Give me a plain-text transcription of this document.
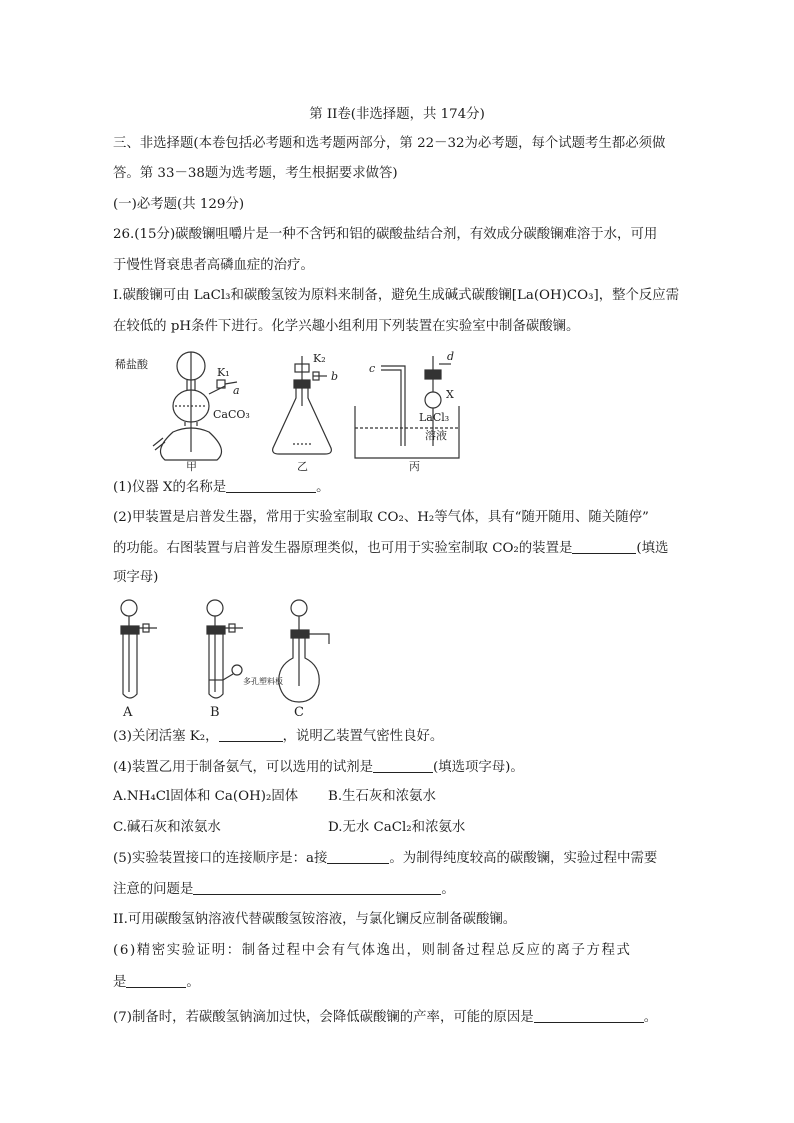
第 II卷(非选择题，共 174分)
三、非选择题(本卷包括必考题和选考题两部分，第 22－32为必考题，每个试题考生都必须做
答。第 33－38题为选考题，考生根据要求做答)
(一)必考题(共 129分)
26.(15分)碳酸镧咀嚼片是一种不含钙和铝的碳酸盐结合剂，有效成分碳酸镧难溶于水，可用
于慢性肾衰患者高磷血症的治疗。
I.碳酸镧可由 LaCl₃和碳酸氢铵为原料来制备，避免生成碱式碳酸镧[La(OH)CO₃]，整个反应需
在较低的 pH条件下进行。化学兴趣小组利用下列装置在实验室中制备碳酸镧。
稀盐酸
K₁
a
CaCO₃
甲
K₂
b
乙
c
d
X
LaCl₃
溶液
丙
(1)仪器 X的名称是	。
(2)甲装置是启普发生器，常用于实验室制取 CO₂、H₂等气体，具有“随开随用、随关随停”
的功能。右图装置与启普发生器原理类似，也可用于实验室制取 CO₂的装置是	(填选
项字母)
多孔塑料板
A	B	C
(3)关闭活塞 K₂，	，说明乙装置气密性良好。
(4)装置乙用于制备氨气，可以选用的试剂是	(填选项字母)。
A.NH₄Cl固体和 Ca(OH)₂固体 B.生石灰和浓氨水
C.碱石灰和浓氨水	D.无水 CaCl₂和浓氨水
(5)实验装置接口的连接顺序是：a接	。为制得纯度较高的碳酸镧，实验过程中需要
注意的问题是	。
II.可用碳酸氢钠溶液代替碳酸氢铵溶液，与氯化镧反应制备碳酸镧。
(6)精密实验证明：制备过程中会有气体逸出，则制备过程总反应的离子方程式
是	。
(7)制备时，若碳酸氢钠滴加过快，会降低碳酸镧的产率，可能的原因是	。
